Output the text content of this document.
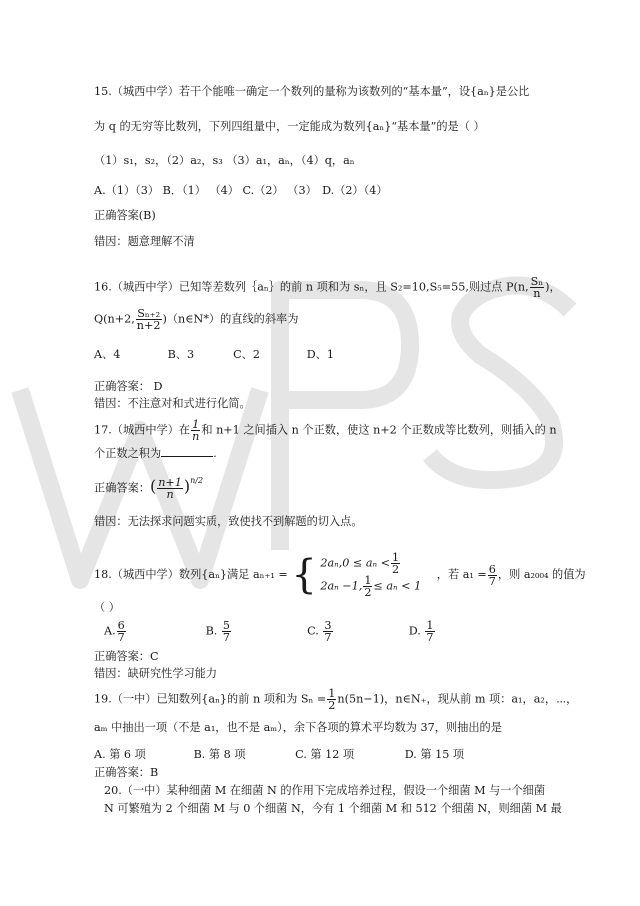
15.（城西中学）若干个能唯一确定一个数列的量称为该数列的“基本量”，设{aₙ}是公比
为 q 的无穷等比数列，下列四组量中，一定能成为数列{aₙ}“基本量”的是（ ）
（1）s₁，s₂，（2）a₂，s₃ （3）a₁，aₙ，（4）q，aₙ
A.（1）（3） B．（1） （4） C.（2） （3） D.（2）（4）
正确答案(B)
错因：题意理解不清
16.（城西中学）已知等差数列｛aₙ｝的前 n 项和为 sₙ，且 S₂=10,S₅=55,则过点 P(n, $\frac{\text{Sₙ}}{n}$ )，
Q(n+2, $\frac{\text{Sₙ₊₂}}{n+2}$ )（n∈N*）的直线的斜率为
A、4	B、3	C、2	D、1
正确答案： D
错因：不注意对和式进行化简。
17.（城西中学）在 $\frac{1}{n}$ 和 n+1 之间插入 n 个正数，使这 n+2 个正数成等比数列，则插入的 n
个正数之积为	.
正确答案：( $\frac{n+1}{n} )^{n/2}$
错因：无法探求问题实质，致使找不到解题的切入点。
18.（城西中学）数列{aₙ}满足 aₙ₊₁ = { $2a_n,0 \le a_n < \frac{1}{2}$
2aₙ −1, $\frac{1}{2} \le a_n < 1$
，若 $a_1 = \frac{6}{7}$ ，则 a₂₀₀₄ 的值为
（ ）
A. $\frac{6}{7}$	B. $\frac{5}{7}$	C. $\frac{3}{7}$	D. $\frac{1}{7}$
正确答案：C
错因：缺研究性学习能力
19.（一中）已知数列{aₙ}的前 n 项和为 $S_n = \frac{1}{2} n(5n-1)$，n∈N₊，现从前 m 项：a₁，a₂，⋯，
aₘ 中抽出一项（不是 a₁，也不是 aₘ），余下各项的算术平均数为 37，则抽出的是
A. 第 6 项	B. 第 8 项	C. 第 12 项	D. 第 15 项
正确答案：B
20.（一中）某种细菌 M 在细菌 N 的作用下完成培养过程，假设一个细菌 M 与一个细菌
N 可繁殖为 2 个细菌 M 与 0 个细菌 N，今有 1 个细菌 M 和 512 个细菌 N，则细菌 M 最
